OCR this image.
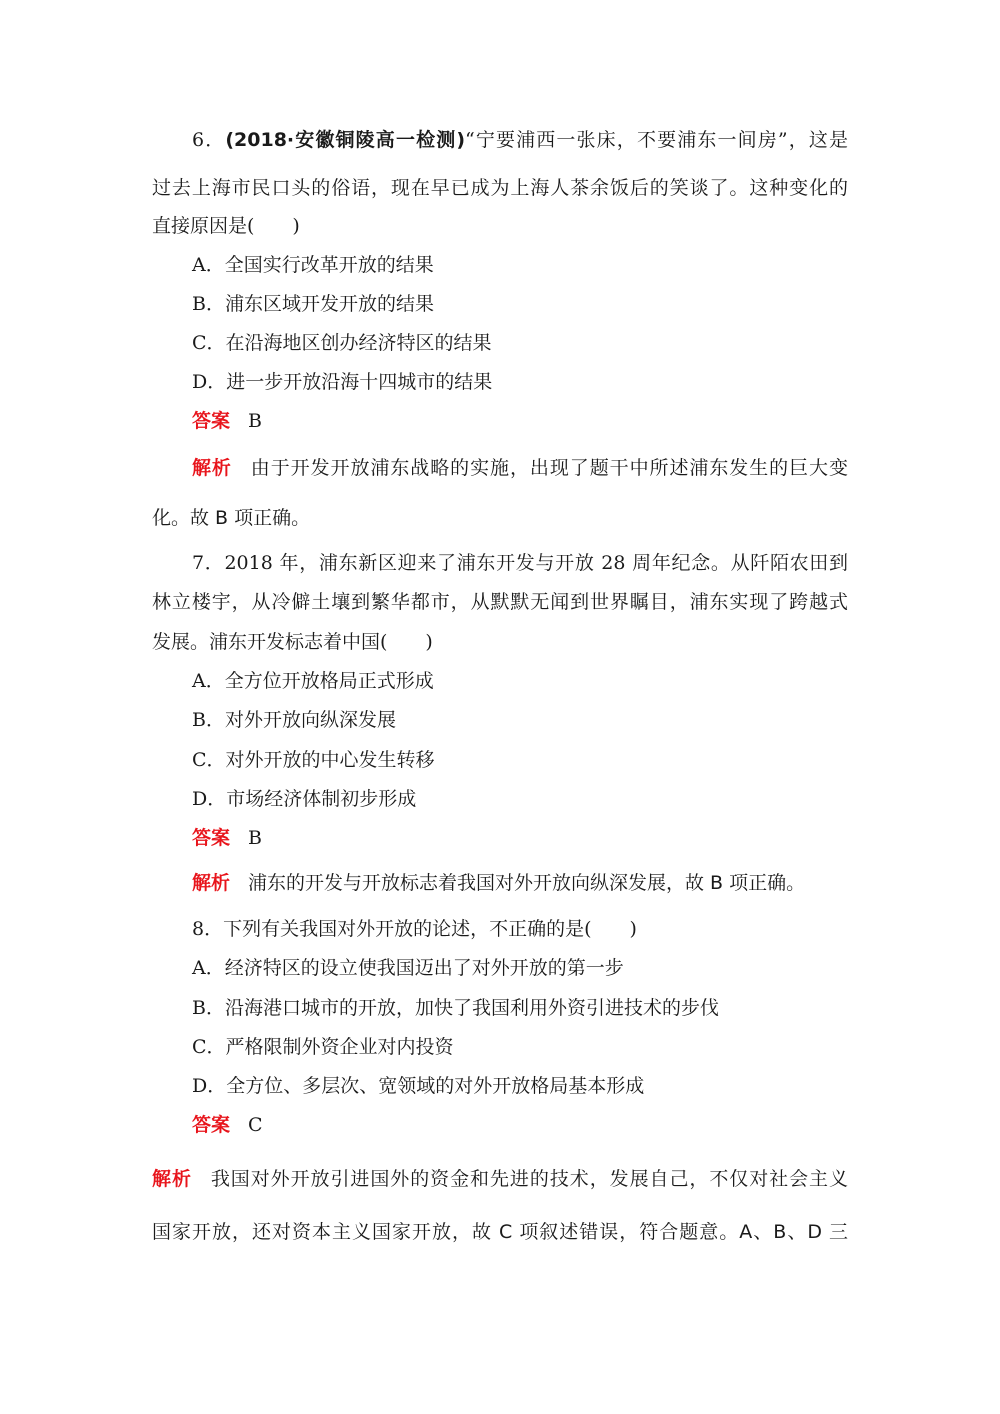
6．(2018·安徽铜陵高一检测)“宁要浦西一张床，不要浦东一间房”，这是
过去上海市民口头的俗语，现在早已成为上海人茶余饭后的笑谈了。这种变化的
直接原因是(　　)
A．全国实行改革开放的结果
B．浦东区域开发开放的结果
C．在沿海地区创办经济特区的结果
D．进一步开放沿海十四城市的结果
答案 B
解析 由于开发开放浦东战略的实施，出现了题干中所述浦东发生的巨大变
化。故 B 项正确。
7．2018 年，浦东新区迎来了浦东开发与开放 28 周年纪念。从阡陌农田到
林立楼宇，从冷僻土壤到繁华都市，从默默无闻到世界瞩目，浦东实现了跨越式
发展。浦东开发标志着中国(　　)
A．全方位开放格局正式形成
B．对外开放向纵深发展
C．对外开放的中心发生转移
D．市场经济体制初步形成
答案 B
解析 浦东的开发与开放标志着我国对外开放向纵深发展，故 B 项正确。
8．下列有关我国对外开放的论述，不正确的是(　　)
A．经济特区的设立使我国迈出了对外开放的第一步
B．沿海港口城市的开放，加快了我国利用外资引进技术的步伐
C．严格限制外资企业对内投资
D．全方位、多层次、宽领域的对外开放格局基本形成
答案 C
解析 我国对外开放引进国外的资金和先进的技术，发展自己，不仅对社会主义
国家开放，还对资本主义国家开放，故 C 项叙述错误，符合题意。A、B、D 三
